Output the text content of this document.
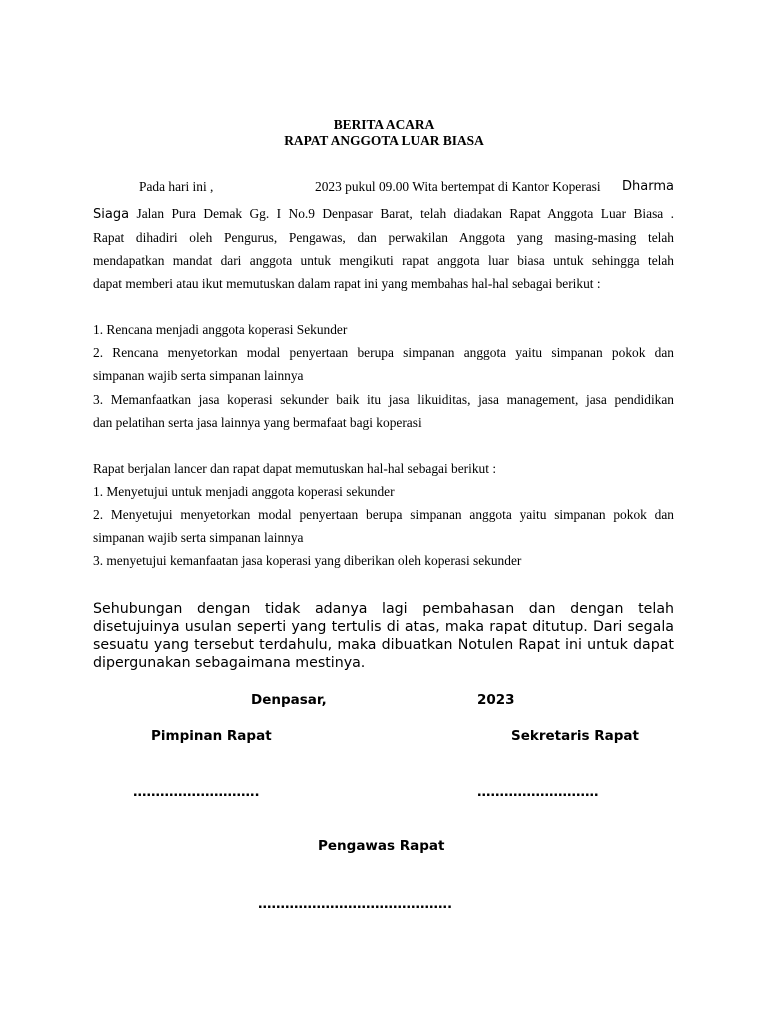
BERITA ACARA
RAPAT ANGGOTA LUAR BIASA
Pada hari ini ,	2023 pukul 09.00 Wita bertempat di Kantor Koperasi Dharma
Siaga Jalan Pura Demak Gg. I No.9 Denpasar Barat, telah diadakan Rapat Anggota Luar Biasa .
Rapat dihadiri oleh Pengurus, Pengawas, dan perwakilan Anggota yang masing-masing telah
mendapatkan mandat dari anggota untuk mengikuti rapat anggota luar biasa untuk sehingga telah
dapat memberi atau ikut memutuskan dalam rapat ini yang membahas hal-hal sebagai berikut :
1. Rencana menjadi anggota koperasi Sekunder
2. Rencana menyetorkan modal penyertaan berupa simpanan anggota yaitu simpanan pokok dan
simpanan wajib serta simpanan lainnya
3. Memanfaatkan jasa koperasi sekunder baik itu jasa likuiditas, jasa management, jasa pendidikan
dan pelatihan serta jasa lainnya yang bermafaat bagi koperasi
Rapat berjalan lancer dan rapat dapat memutuskan hal-hal sebagai berikut :
1. Menyetujui untuk menjadi anggota koperasi sekunder
2. Menyetujui menyetorkan modal penyertaan berupa simpanan anggota yaitu simpanan pokok dan
simpanan wajib serta simpanan lainnya
3. menyetujui kemanfaatan jasa koperasi yang diberikan oleh koperasi sekunder
Sehubungan dengan tidak adanya lagi pembahasan dan dengan telah
disetujuinya usulan seperti yang tertulis di atas, maka rapat ditutup. Dari segala
sesuatu yang tersebut terdahulu, maka dibuatkan Notulen Rapat ini untuk dapat
dipergunakan sebagaimana mestinya.
Denpasar,	2023
Pimpinan Rapat	Sekretaris Rapat
……………………….	………………………
Pengawas Rapat
…………………………………….
